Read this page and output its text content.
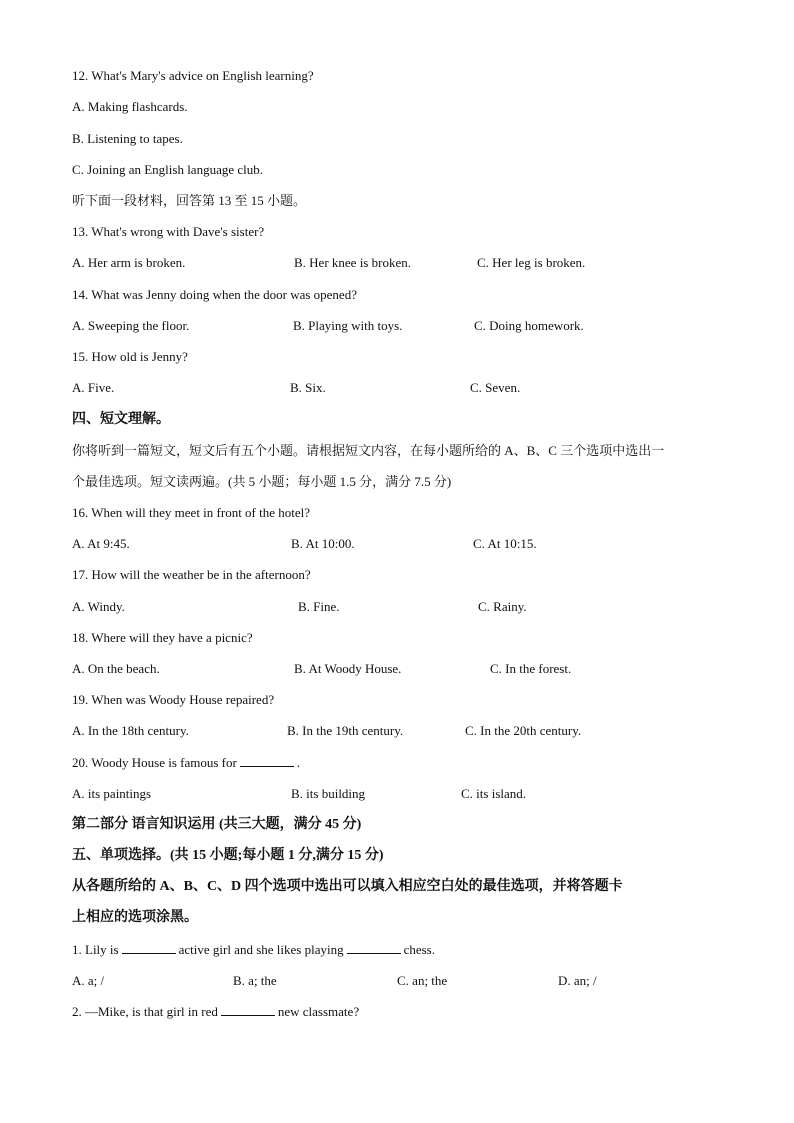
12. What's Mary's advice on English learning?
A. Making flashcards.
B. Listening to tapes.
C. Joining an English language club.
听下面一段材料，回答第 13 至 15 小题。
13. What's wrong with Dave's sister?
A. Her arm is broken.	B. Her knee is broken.	C. Her leg is broken.
14. What was Jenny doing when the door was opened?
A. Sweeping the floor.	B. Playing with toys.	C. Doing homework.
15. How old is Jenny?
A. Five.	B. Six.	C. Seven.
四、短文理解。
你将听到一篇短文，短文后有五个小题。请根据短文内容，在每小题所给的 A、B、C 三个选项中选出一
个最佳选项。短文读两遍。(共 5 小题；每小题 1.5 分，满分 7.5 分)
16. When will they meet in front of the hotel?
A. At 9:45.	B. At 10:00.	C. At 10:15.
17. How will the weather be in the afternoon?
A. Windy.	B. Fine.	C. Rainy.
18. Where will they have a picnic?
A. On the beach.	B. At Woody House.	C. In the forest.
19. When was Woody House repaired?
A. In the 18th century.	B. In the 19th century.	C. In the 20th century.
20. Woody House is famous for	.
A. its paintings	B. its building	C. its island.
第二部分 语言知识运用 (共三大题，满分 45 分)
五、单项选择。(共 15 小题;每小题 1 分,满分 15 分)
从各题所给的 A、B、C、D 四个选项中选出可以填入相应空白处的最佳选项，并将答题卡
上相应的选项涂黑。
1. Lily is	active girl and she likes playing	chess.
A. a; /	B. a; the	C. an; the	D. an; /
2. —Mike, is that girl in red	new classmate?
